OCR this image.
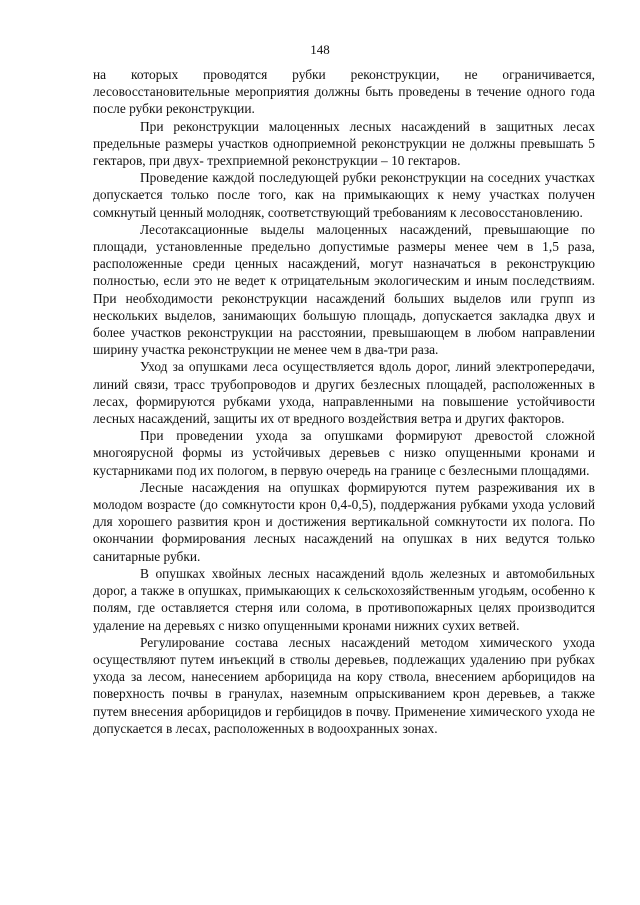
148

на которых проводятся рубки реконструкции, не ограничивается, лесовосстановительные мероприятия должны быть проведены в течение одного года после рубки реконструкции.

При реконструкции малоценных лесных насаждений в защитных лесах предельные размеры участков одноприемной реконструкции не должны превышать 5 гектаров, при двух- трехприемной реконструкции – 10 гектаров.

Проведение каждой последующей рубки реконструкции на соседних участках допускается только после того, как на примыкающих к нему участках получен сомкнутый ценный молодняк, соответствующий требованиям к лесовосстановлению.

Лесотаксационные выделы малоценных насаждений, превышающие по площади, установленные предельно допустимые размеры менее чем в 1,5 раза, расположенные среди ценных насаждений, могут назначаться в реконструкцию полностью, если это не ведет к отрицательным экологическим и иным последствиям. При необходимости реконструкции насаждений больших выделов или групп из нескольких выделов, занимающих большую площадь, допускается закладка двух и более участков реконструкции на расстоянии, превышающем в любом направлении ширину участка реконструкции не менее чем в два-три раза.

Уход за опушками леса осуществляется вдоль дорог, линий электропередачи, линий связи, трасс трубопроводов и других безлесных площадей, расположенных в лесах, формируются рубками ухода, направленными на повышение устойчивости лесных насаждений, защиты их от вредного воздействия ветра и других факторов.

При проведении ухода за опушками формируют древостой сложной многоярусной формы из устойчивых деревьев с низко опущенными кронами и кустарниками под их пологом, в первую очередь на границе с безлесными площадями.

Лесные насаждения на опушках формируются путем разреживания их в молодом возрасте (до сомкнутости крон 0,4-0,5), поддержания рубками ухода условий для хорошего развития крон и достижения вертикальной сомкнутости их полога. По окончании формирования лесных насаждений на опушках в них ведутся только санитарные рубки.

В опушках хвойных лесных насаждений вдоль железных и автомобильных дорог, а также в опушках, примыкающих к сельскохозяйственным угодьям, особенно к полям, где оставляется стерня или солома, в противопожарных целях производится удаление на деревьях с низко опущенными кронами нижних сухих ветвей.

Регулирование состава лесных насаждений методом химического ухода осуществляют путем инъекций в стволы деревьев, подлежащих удалению при рубках ухода за лесом, нанесением арборицида на кору ствола, внесением арборицидов на поверхность почвы в гранулах, наземным опрыскиванием крон деревьев, а также путем внесения арборицидов и гербицидов в почву. Применение химического ухода не допускается в лесах, расположенных в водоохранных зонах.
